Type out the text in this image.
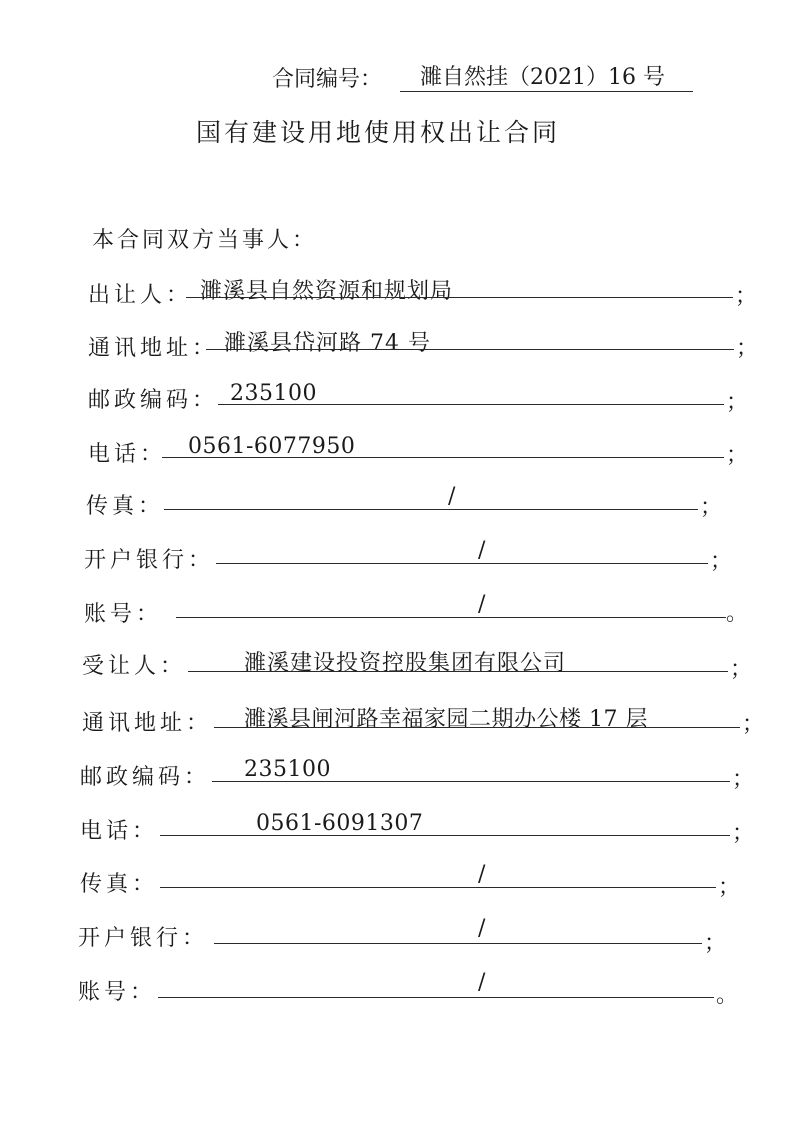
合同编号： 濉自然挂（2021）16 号
国有建设用地使用权出让合同
本合同双方当事人：
出让人： 濉溪县自然资源和规划局	；
通讯地址： 濉溪县岱河路 74 号	；
邮政编码： 235100	；
电话： 0561-6077950	；
传真：	/	；
开户银行：	/	；
账号：	/	。
受让人：	濉溪建设投资控股集团有限公司	；
通讯地址： 濉溪县闸河路幸福家园二期办公楼 17 层	；
邮政编码： 235100	；
电话：	0561-6091307	；
传真：	/
；
开户银行：	/
；
账号：	/
。
